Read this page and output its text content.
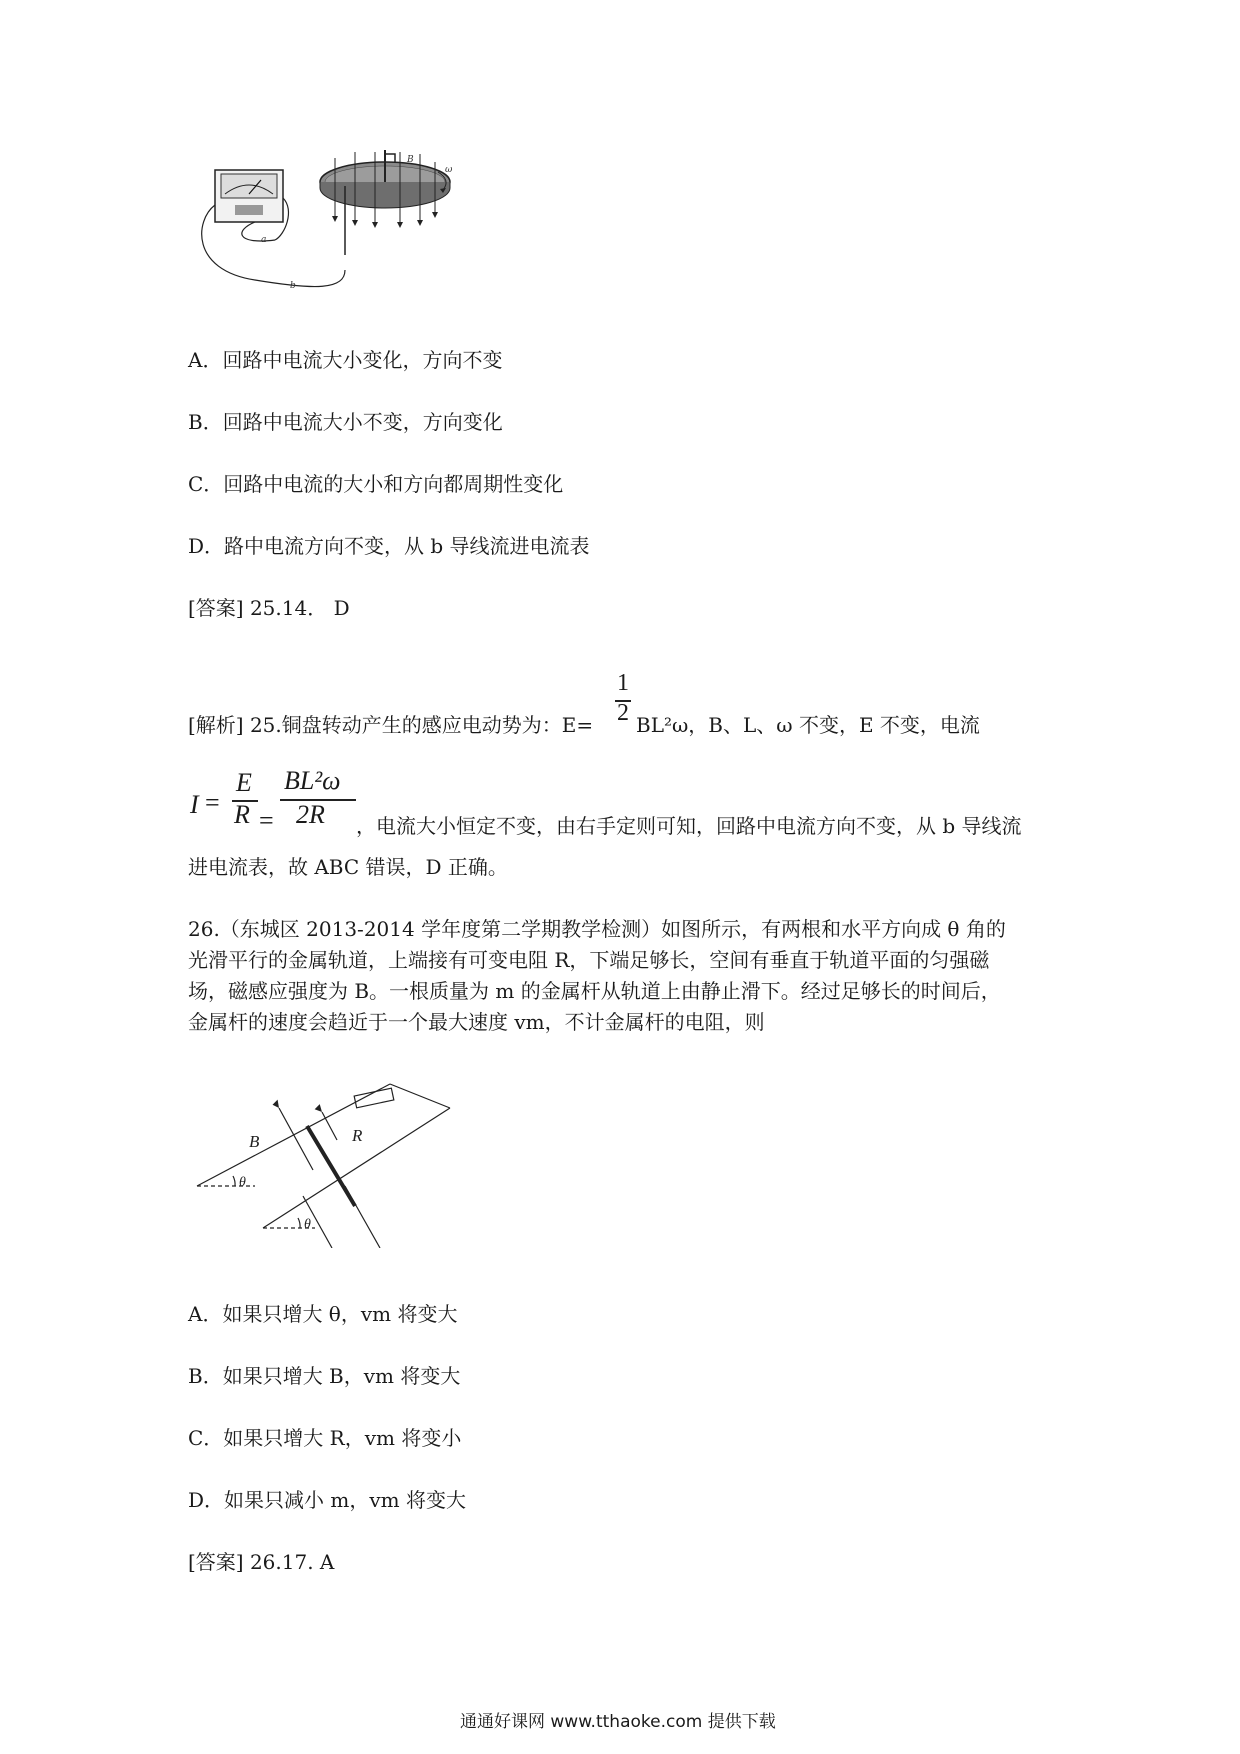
a
b
B
ω
A．回路中电流大小变化，方向不变
B．回路中电流大小不变，方向变化
C．回路中电流的大小和方向都周期性变化
D．路中电流方向不变，从 b 导线流进电流表
[答案] 25.14． D
[解析] 25.铜盘转动产生的感应电动势为：E=
1
2 BL²ω，B、L、ω 不变，E 不变，电流
I =
E
R =
BL²ω
2R ，电流大小恒定不变，由右手定则可知，回路中电流方向不变，从 b 导线流
进电流表，故 ABC 错误，D 正确。
26.（东城区 2013-2014 学年度第二学期教学检测）如图所示，有两根和水平方向成 θ 角的
光滑平行的金属轨道，上端接有可变电阻 R，下端足够长，空间有垂直于轨道平面的匀强磁
场，磁感应强度为 B。一根质量为 m 的金属杆从轨道上由静止滑下。经过足够长的时间后，
金属杆的速度会趋近于一个最大速度 vm，不计金属杆的电阻，则
B	R
θ
θ
A．如果只增大 θ，vm 将变大
B．如果只增大 B，vm 将变大
C．如果只增大 R，vm 将变小
D．如果只减小 m，vm 将变大
[答案] 26.17. A
通通好课网 www.tthaoke.com 提供下载
